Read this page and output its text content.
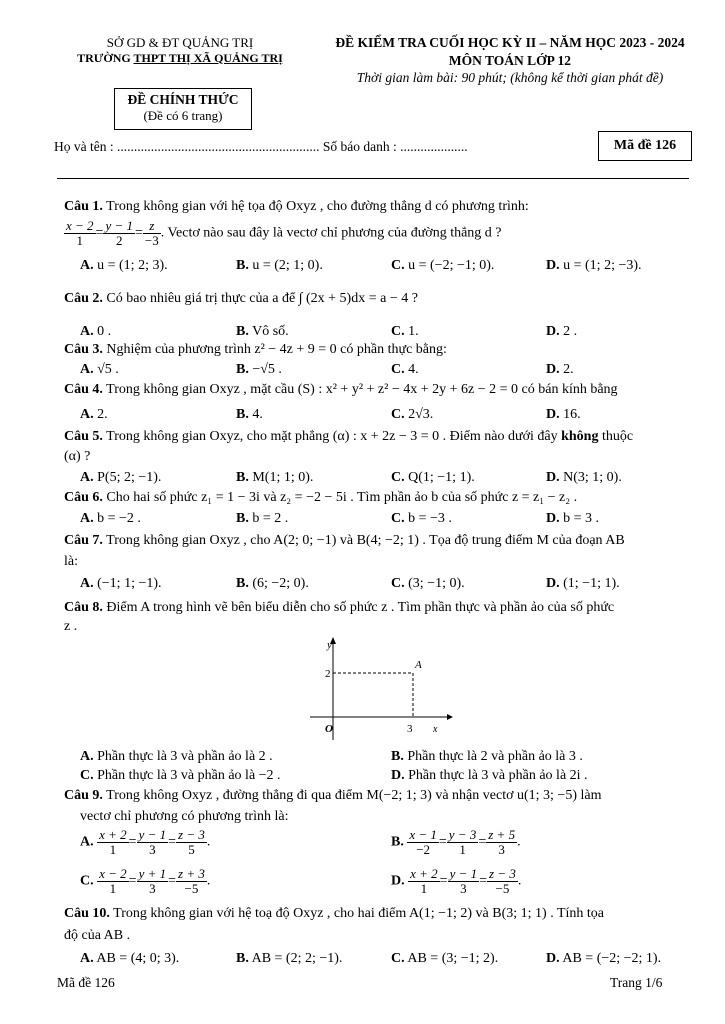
SỞ GD & ĐT QUẢNG TRỊ
TRƯỜNG THPT THỊ XÃ QUẢNG TRỊ
ĐỀ KIỂM TRA CUỐI HỌC KỲ II – NĂM HỌC 2023 - 2024
MÔN TOÁN LỚP 12
Thời gian làm bài: 90 phút; (không kể thời gian phát đề)
ĐỀ CHÍNH THỨC
(Đề có 6 trang)
Họ và tên : ............................................................ Số báo danh : ....................	Mã đề 126
Câu 1. Trong không gian với hệ tọa độ Oxyz , cho đường thẳng d có phương trình:
$\frac{x - 2}{1} = \frac{y - 1}{2} = \frac{z}{-3}$ . Vectơ nào sau đây là vectơ chỉ phương của đường thẳng d ?
A. u = (1; 2; 3).	B. u = (2; 1; 0).	C. u = (−2; −1; 0).	D. u = (1; 2; −3).
Câu 2. Có bao nhiêu giá trị thực của a để ∫ (2x + 5)dx = a − 4 ?
A. 0 .	B. Vô số.	C. 1.	D. 2 .
Câu 3. Nghiệm của phương trình z² − 4z + 9 = 0 có phần thực bằng:
A. √5 .	B. −√5 .	C. 4.	D. 2.
Câu 4. Trong không gian Oxyz , mặt cầu (S) : x² + y² + z² − 4x + 2y + 6z − 2 = 0 có bán kính bằng
A. 2.	B. 4.	C. 2√3.	D. 16.
Câu 5. Trong không gian Oxyz, cho mặt phẳng (α) : x + 2z − 3 = 0 . Điểm nào dưới đây không thuộc
(α) ?
A. P(5; 2; −1).	B. M(1; 1; 0).	C. Q(1; −1; 1).	D. N(3; 1; 0).
Câu 6. Cho hai số phức z₁ = 1 − 3i và z₂ = −2 − 5i . Tìm phần ảo b của số phức z = z₁ − z₂ .
A. b = −2 .	B. b = 2 .	C. b = −3 .	D. b = 3 .
Câu 7. Trong không gian Oxyz , cho A(2; 0; −1) và B(4; −2; 1) . Tọa độ trung điểm M của đoạn AB
là:
A. (−1; 1; −1).	B. (6; −2; 0).	C. (3; −1; 0).	D. (1; −1; 1).
Câu 8. Điểm A trong hình vẽ bên biểu diễn cho số phức z . Tìm phần thực và phần ảo của số phức
z .
y
x
2
3
O
A
A. Phần thực là 3 và phần ảo là 2 .	B. Phần thực là 2 và phần ảo là 3 .
C. Phần thực là 3 và phần ảo là −2 .	D. Phần thực là 3 và phần ảo là 2i .
Câu 9. Trong không Oxyz , đường thẳng đi qua điểm M(−2; 1; 3) và nhận vectơ u(1; 3; −5) làm
vectơ chỉ phương có phương trình là:
A. $\frac{x + 2}{1} = \frac{y - 1}{3} = \frac{z - 3}{5}$ .	B. $\frac{x - 1}{-2} = \frac{y - 3}{1} = \frac{z + 5}{3}$ .
C. $\frac{x - 2}{1} = \frac{y + 1}{3} = \frac{z + 3}{-5}$ .	D. $\frac{x + 2}{1} = \frac{y - 1}{3} = \frac{z - 3}{-5}$ .
Câu 10. Trong không gian với hệ toạ độ Oxyz , cho hai điểm A(1; −1; 2) và B(3; 1; 1) . Tính tọa
độ của AB .
A. AB = (4; 0; 3).	B. AB = (2; 2; −1).	C. AB = (3; −1; 2).	D. AB = (−2; −2; 1).
Mã đề 126	Trang 1/6
